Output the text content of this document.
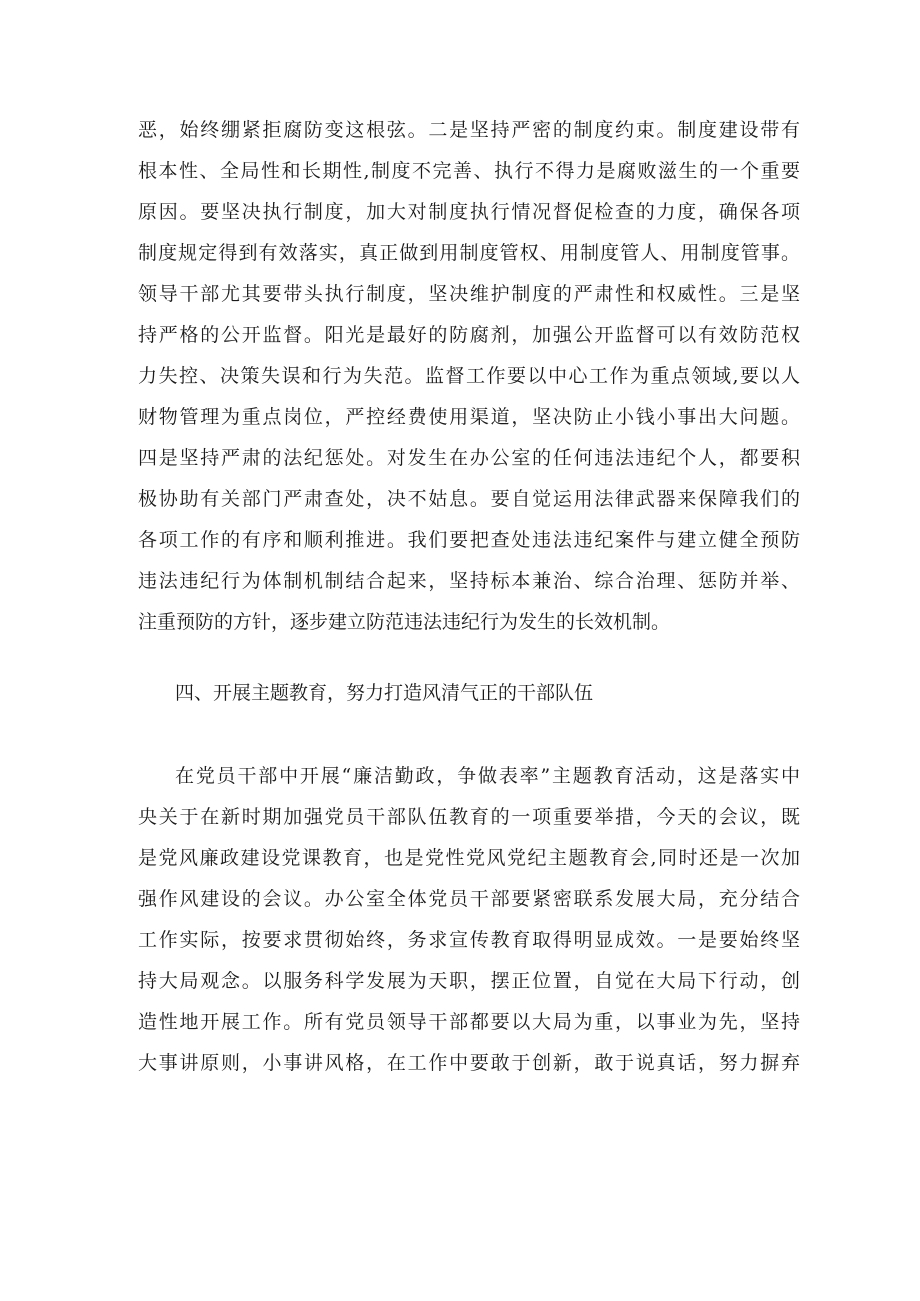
恶，始终绷紧拒腐防变这根弦。二是坚持严密的制度约束。制度建设带有
根本性、全局性和长期性,制度不完善、执行不得力是腐败滋生的一个重要
原因。要坚决执行制度，加大对制度执行情况督促检查的力度，确保各项
制度规定得到有效落实，真正做到用制度管权、用制度管人、用制度管事。
领导干部尤其要带头执行制度，坚决维护制度的严肃性和权威性。三是坚
持严格的公开监督。阳光是最好的防腐剂，加强公开监督可以有效防范权
力失控、决策失误和行为失范。监督工作要以中心工作为重点领域,要以人
财物管理为重点岗位，严控经费使用渠道，坚决防止小钱小事出大问题。
四是坚持严肃的法纪惩处。对发生在办公室的任何违法违纪个人，都要积
极协助有关部门严肃查处，决不姑息。要自觉运用法律武器来保障我们的
各项工作的有序和顺利推进。我们要把查处违法违纪案件与建立健全预防
违法违纪行为体制机制结合起来，坚持标本兼治、综合治理、惩防并举、
注重预防的方针，逐步建立防范违法违纪行为发生的长效机制。
四、开展主题教育，努力打造风清气正的干部队伍
在党员干部中开展“廉洁勤政，争做表率”主题教育活动，这是落实中
央关于在新时期加强党员干部队伍教育的一项重要举措，今天的会议，既
是党风廉政建设党课教育，也是党性党风党纪主题教育会,同时还是一次加
强作风建设的会议。办公室全体党员干部要紧密联系发展大局，充分结合
工作实际，按要求贯彻始终，务求宣传教育取得明显成效。一是要始终坚
持大局观念。以服务科学发展为天职，摆正位置，自觉在大局下行动，创
造性地开展工作。所有党员领导干部都要以大局为重，以事业为先，坚持
大事讲原则，小事讲风格，在工作中要敢于创新，敢于说真话，努力摒弃
